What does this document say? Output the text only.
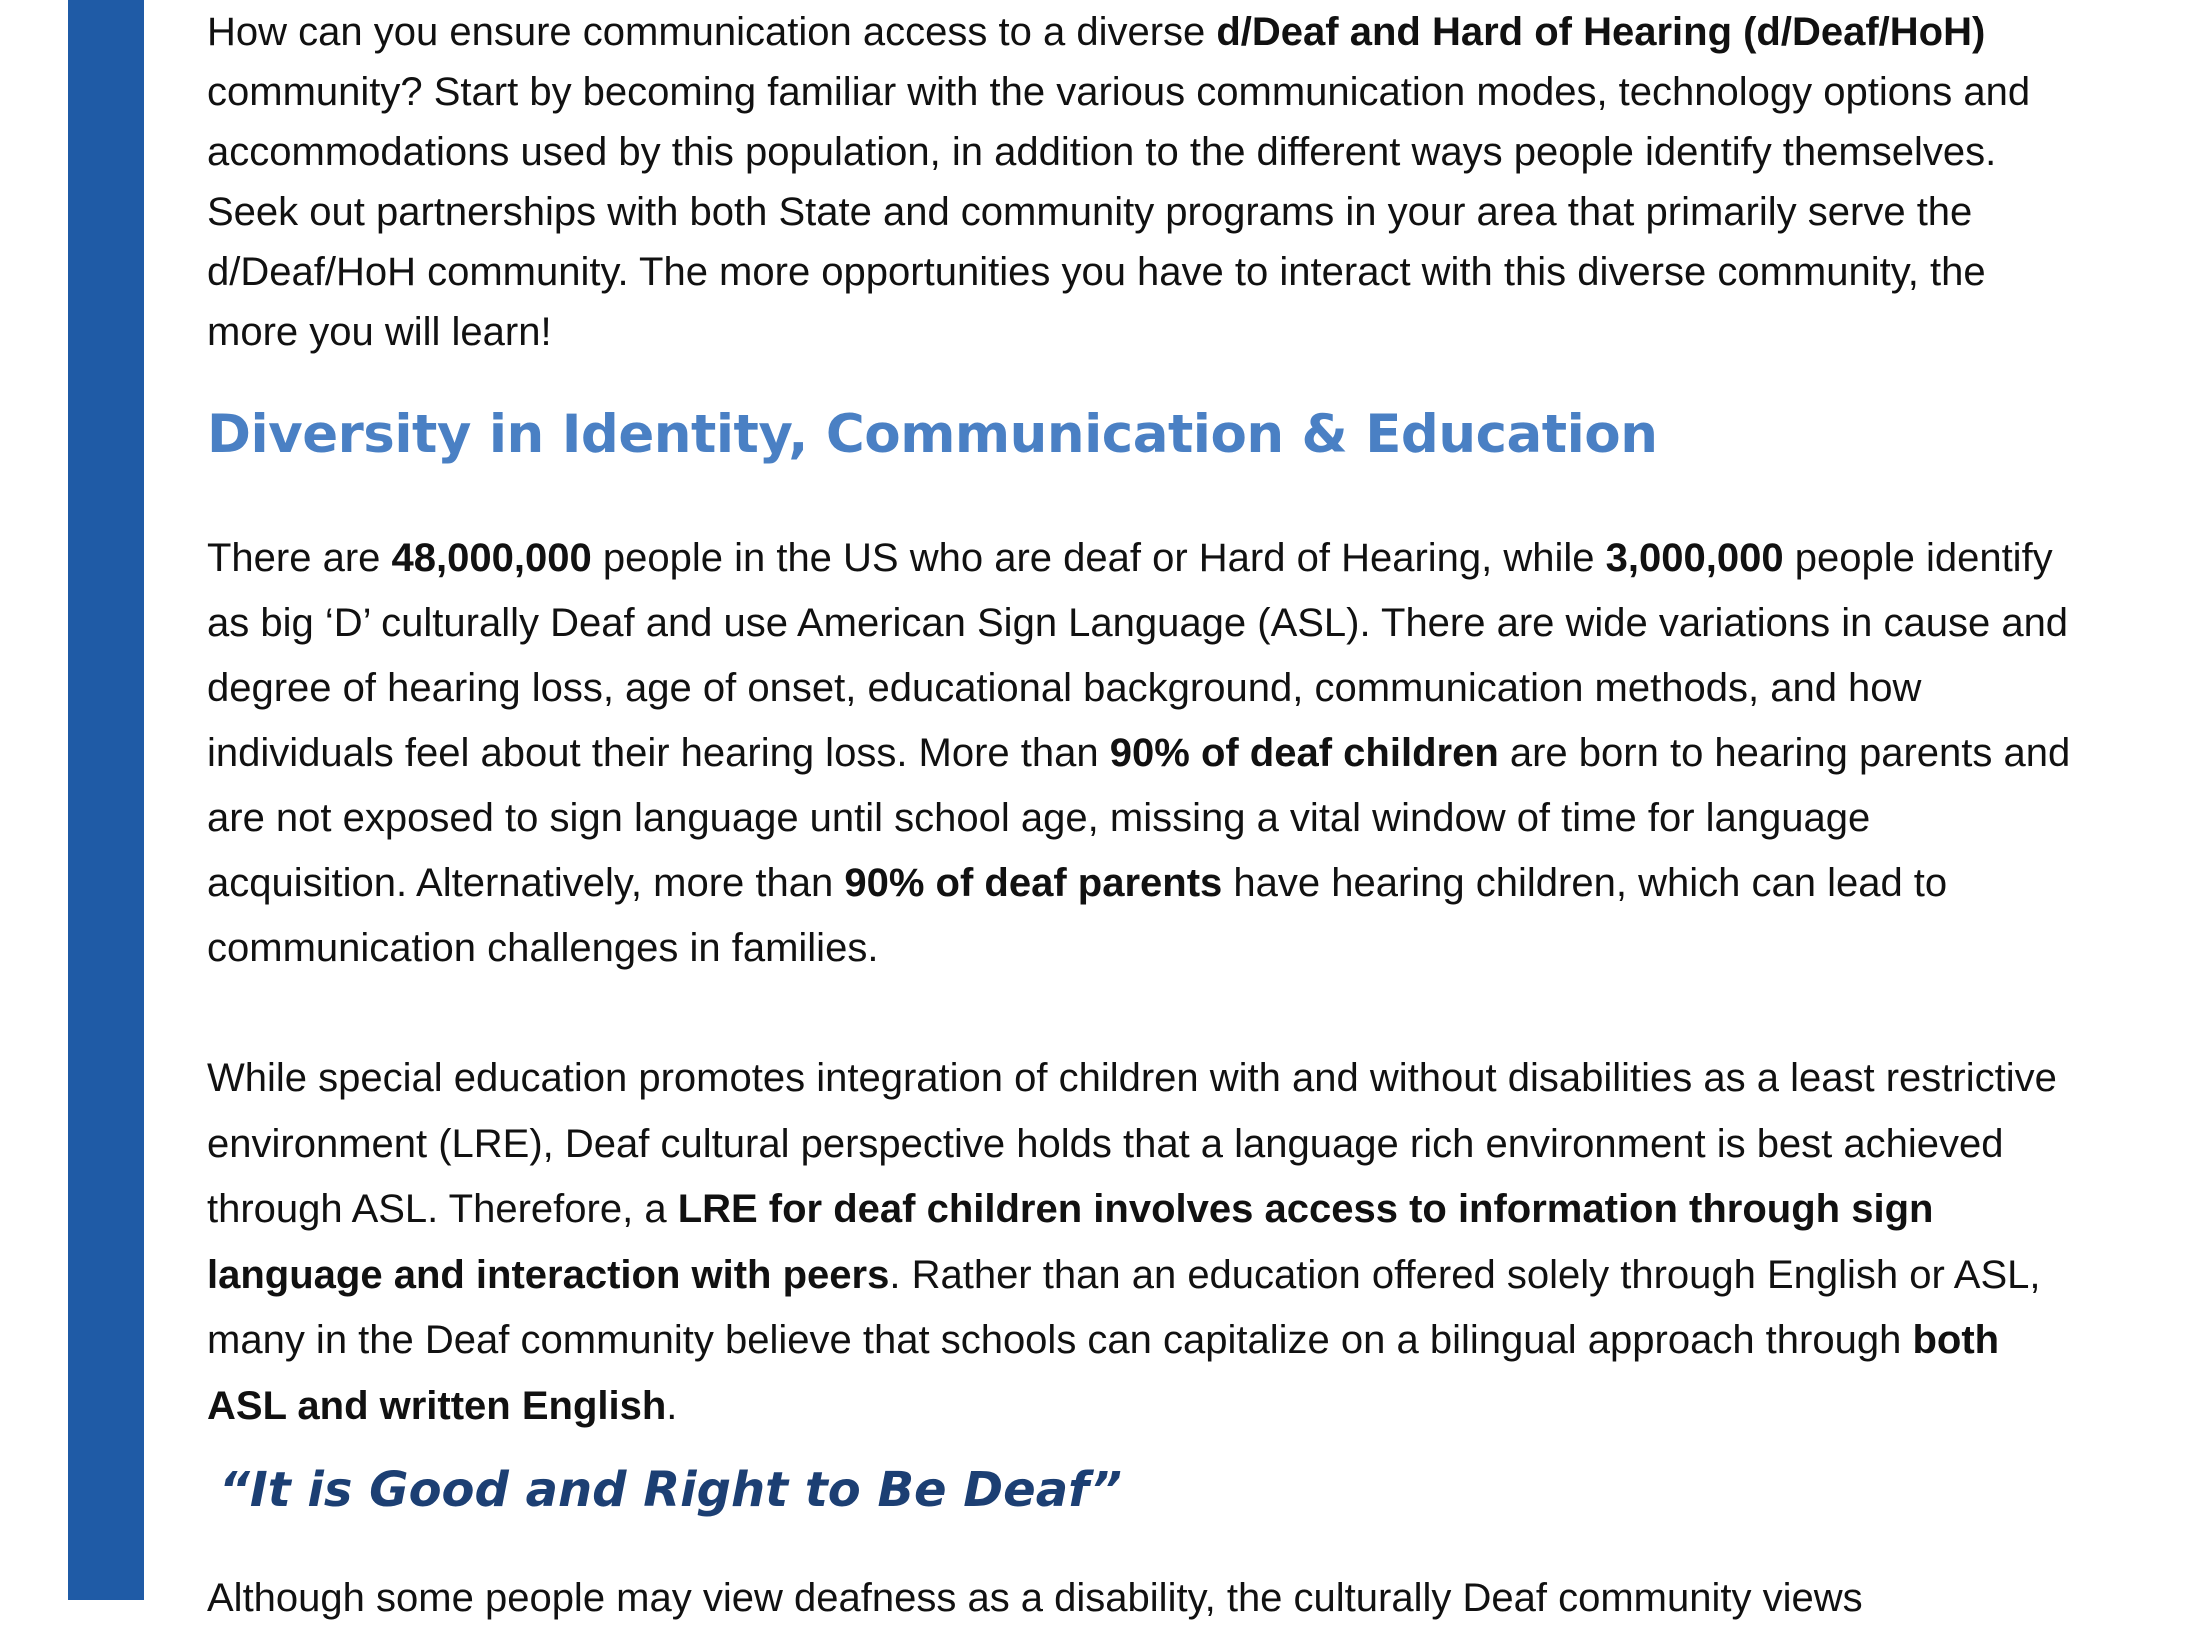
How can you ensure communication access to a diverse d/Deaf and Hard of Hearing (d/Deaf/HoH) community? Start by becoming familiar with the various communication modes, technology options and accommodations used by this population, in addition to the different ways people identify themselves. Seek out partnerships with both State and community programs in your area that primarily serve the d/Deaf/HoH community. The more opportunities you have to interact with this diverse community, the more you will learn!

Diversity in Identity, Communication & Education

There are 48,000,000 people in the US who are deaf or Hard of Hearing, while 3,000,000 people identify as big ‘D’ culturally Deaf and use American Sign Language (ASL). There are wide variations in cause and degree of hearing loss, age of onset, educational background, communication methods, and how individuals feel about their hearing loss. More than 90% of deaf children are born to hearing parents and are not exposed to sign language until school age, missing a vital window of time for language acquisition. Alternatively, more than 90% of deaf parents have hearing children, which can lead to communication challenges in families.

While special education promotes integration of children with and without disabilities as a least restrictive environment (LRE), Deaf cultural perspective holds that a language rich environment is best achieved through ASL. Therefore, a LRE for deaf children involves access to information through sign language and interaction with peers. Rather than an education offered solely through English or ASL, many in the Deaf community believe that schools can capitalize on a bilingual approach through both ASL and written English.

“It is Good and Right to Be Deaf”

Although some people may view deafness as a disability, the culturally Deaf community views
